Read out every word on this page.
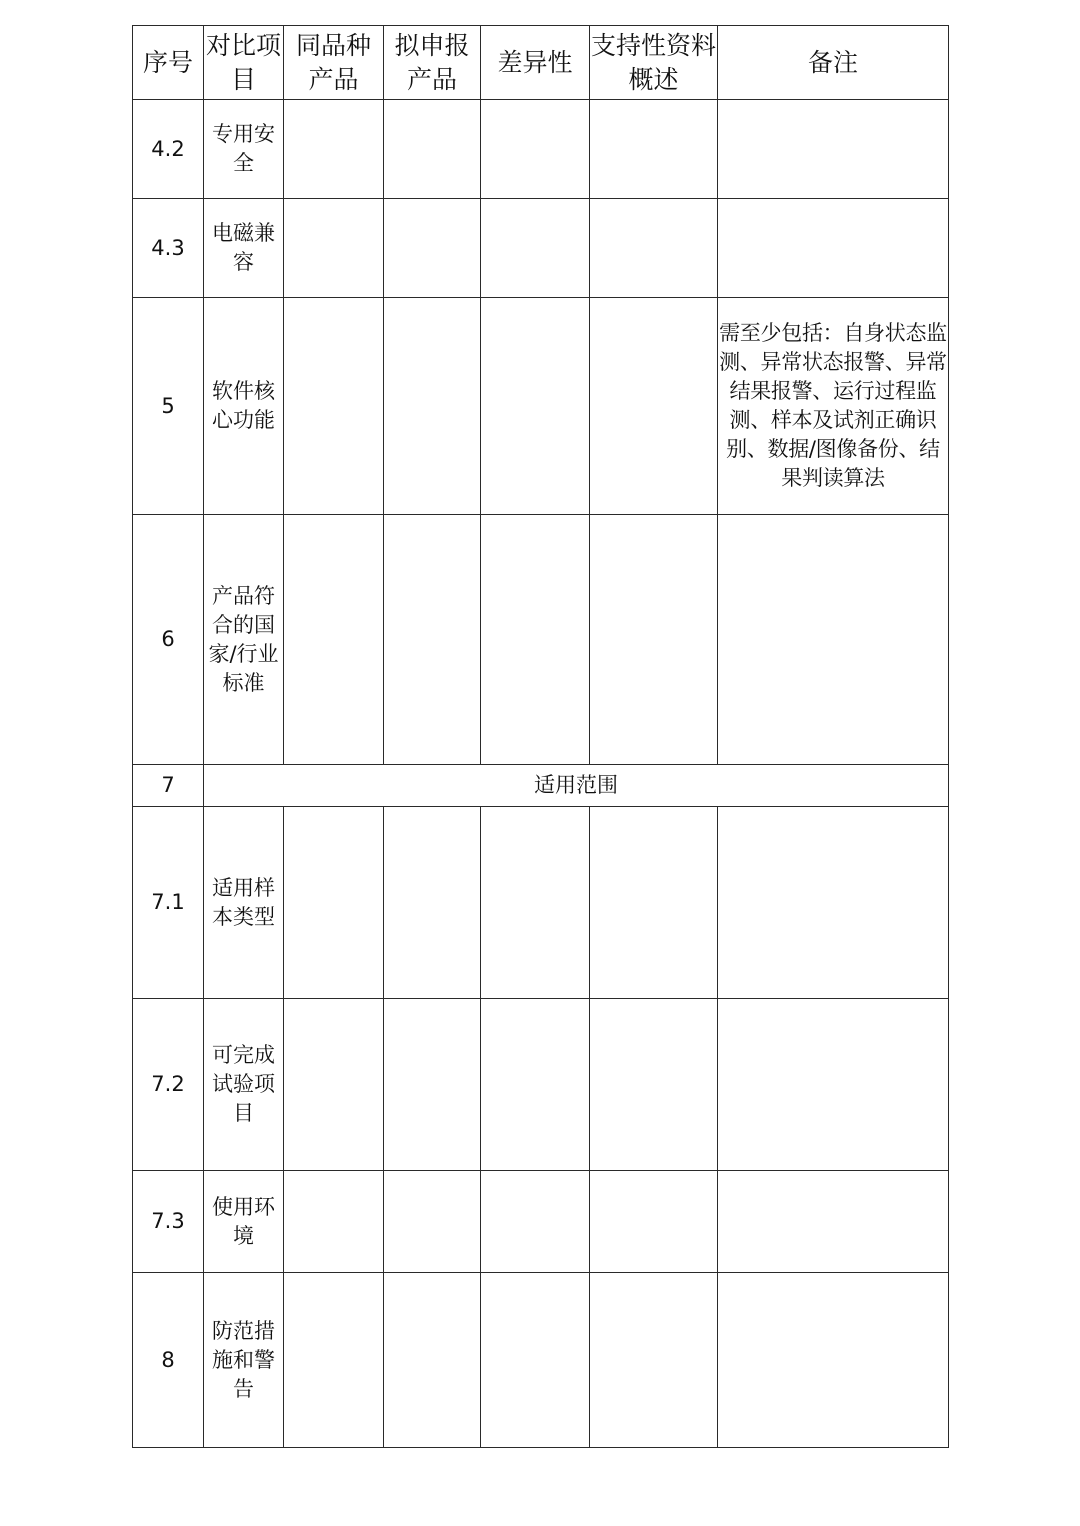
序号	对比项目	同品种产品	拟申报产品	差异性	支持性资料概述	备注
4.2	专用安全					
4.3	电磁兼容					
5	软件核心功能					需至少包括：自身状态监测、异常状态报警、异常结果报警、运行过程监测、样本及试剂正确识别、数据/图像备份、结果判读算法
6	产品符合的国家/行业标准					
7	适用范围					
7.1	适用样本类型					
7.2	可完成试验项目					
7.3	使用环境					
8	防范措施和警告					
